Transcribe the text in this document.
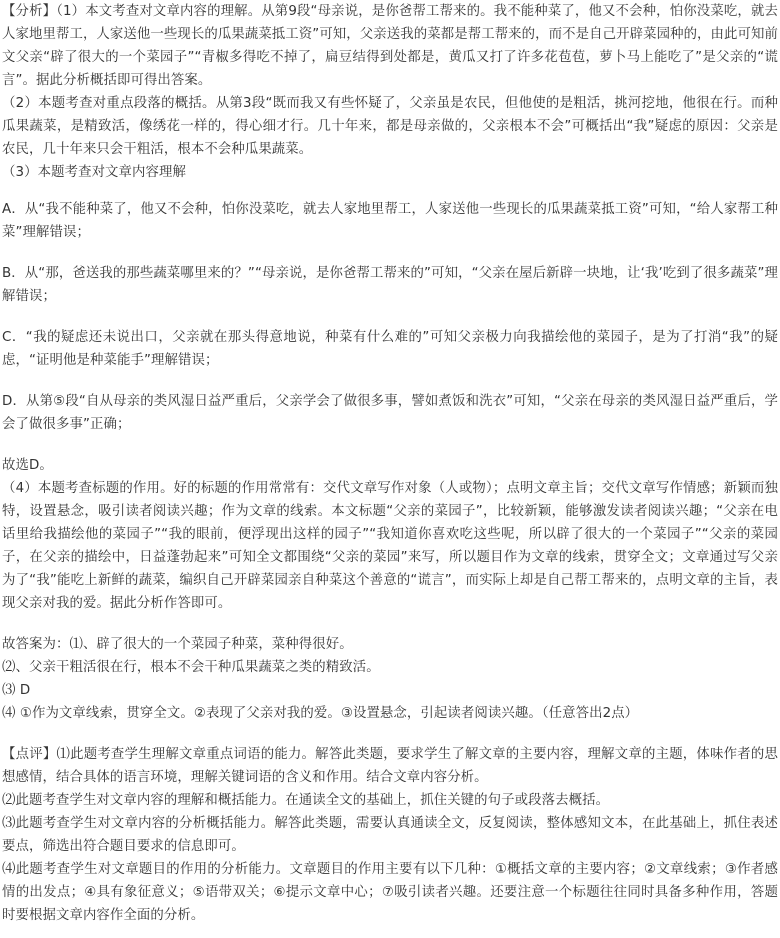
【分析】（1）本文考查对文章内容的理解。从第9段“母亲说，是你爸帮工帮来的。我不能种菜了，他又不会种，怕你没菜吃，就去人家地里帮工，人家送他一些现长的瓜果蔬菜抵工资”可知，父亲送我的菜都是帮工帮来的，而不是自己开辟菜园种的，由此可知前文父亲“辟了很大的一个菜园子”“青椒多得吃不掉了，扁豆结得到处都是，黄瓜又打了许多花苞苞，萝卜马上能吃了”是父亲的“谎言”。据此分析概括即可得出答案。

（2）本题考查对重点段落的概括。从第3段“既而我又有些怀疑了，父亲虽是农民，但他使的是粗活，挑河挖地，他很在行。而种瓜果蔬菜，是精致活，像绣花一样的，得心细才行。几十年来，都是母亲做的，父亲根本不会”可概括出“我”疑虑的原因：父亲是农民，几十年来只会干粗活，根本不会种瓜果蔬菜。

（3）本题考查对文章内容理解

A．从“我不能种菜了，他又不会种，怕你没菜吃，就去人家地里帮工，人家送他一些现长的瓜果蔬菜抵工资”可知，“给人家帮工种菜”理解错误；

B．从“那，爸送我的那些蔬菜哪里来的？”“母亲说，是你爸帮工帮来的”可知，“父亲在屋后新辟一块地，让‘我’吃到了很多蔬菜”理解错误；

C．“我的疑虑还未说出口，父亲就在那头得意地说，种菜有什么难的”可知父亲极力向我描绘他的菜园子，是为了打消“我”的疑虑，“证明他是种菜能手”理解错误；

D．从第⑤段“自从母亲的类风湿日益严重后，父亲学会了做很多事，譬如煮饭和洗衣”可知，“父亲在母亲的类风湿日益严重后，学会了做很多事”正确；

故选D。

（4）本题考查标题的作用。好的标题的作用常常有：交代文章写作对象（人或物）；点明文章主旨；交代文章写作情感；新颖而独特，设置悬念，吸引读者阅读兴趣；作为文章的线索。本文标题“父亲的菜园子”，比较新颖，能够激发读者阅读兴趣；“父亲在电话里给我描绘他的菜园子”“我的眼前，便浮现出这样的园子”“我知道你喜欢吃这些呢，所以辟了很大的一个菜园子”“父亲的菜园子，在父亲的描绘中，日益蓬勃起来”可知全文都围绕“父亲的菜园”来写，所以题目作为文章的线索，贯穿全文；文章通过写父亲为了“我”能吃上新鲜的蔬菜，编织自己开辟菜园亲自种菜这个善意的“谎言”，而实际上却是自己帮工帮来的，点明文章的主旨，表现父亲对我的爱。据此分析作答即可。

故答案为：⑴、辟了很大的一个菜园子种菜，菜种得很好。

⑵、父亲干粗活很在行，根本不会干种瓜果蔬菜之类的精致活。

⑶ D

⑷ ①作为文章线索，贯穿全文。②表现了父亲对我的爱。③设置悬念，引起读者阅读兴趣。（任意答出2点）

【点评】⑴此题考查学生理解文章重点词语的能力。解答此类题，要求学生了解文章的主要内容，理解文章的主题，体味作者的思想感情，结合具体的语言环境，理解关键词语的含义和作用。结合文章内容分析。

⑵此题考查学生对文章内容的理解和概括能力。在通读全文的基础上，抓住关键的句子或段落去概括。

⑶此题考查学生对文章内容的分析概括能力。解答此类题，需要认真通读全文，反复阅读，整体感知文本，在此基础上，抓住表述要点，筛选出符合题目要求的信息即可。

⑷此题考查学生对文章题目的作用的分析能力。文章题目的作用主要有以下几种：①概括文章的主要内容；②文章线索；③作者感情的出发点；④具有象征意义；⑤语带双关；⑥提示文章中心；⑦吸引读者兴趣。还要注意一个标题往往同时具备多种作用，答题时要根据文章内容作全面的分析。
